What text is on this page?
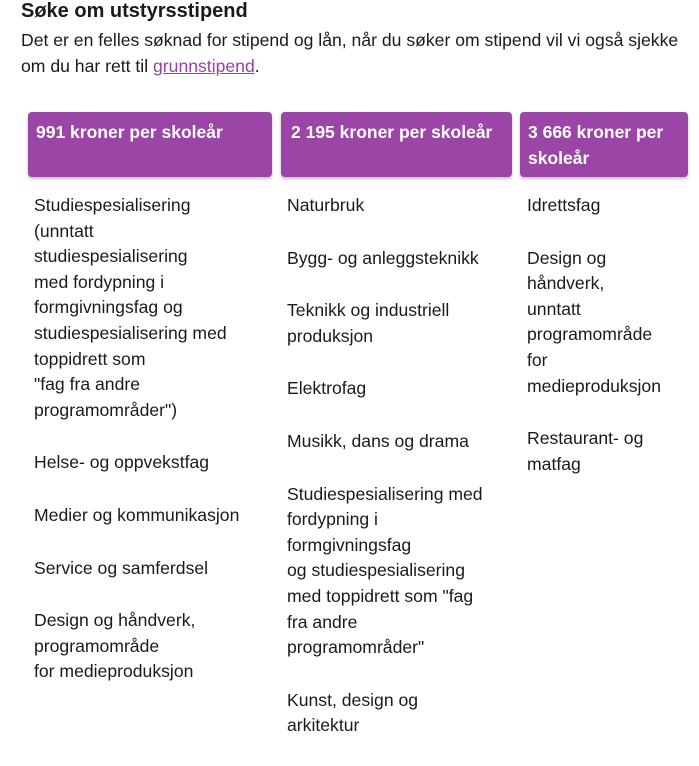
Søke om utstyrsstipend

Det er en felles søknad for stipend og lån, når du søker om stipend vil vi også sjekke om du har rett til grunnstipend.

991 kroner per skoleår	2 195 kroner per skoleår	3 666 kroner per skoleår
Studiespesialisering
(unntatt
studiespesialisering
med fordypning i
formgivningsfag og
studiespesialisering med
toppidrett som
"fag fra andre
programområder")
Helse- og oppvekstfag
Medier og kommunikasjon
Service og samferdsel
Design og håndverk,
programområde
for medieproduksjon
Naturbruk
Bygg- og anleggsteknikk
Teknikk og industriell
produksjon
Elektrofag
Musikk, dans og drama
Studiespesialisering med
fordypning i
formgivningsfag
og studiespesialisering
med toppidrett som "fag
fra andre
programområder"
Kunst, design og
arkitektur
Idrettsfag
Design og
håndverk,
unntatt
programområde
for
medieproduksjon
Restaurant- og
matfag
